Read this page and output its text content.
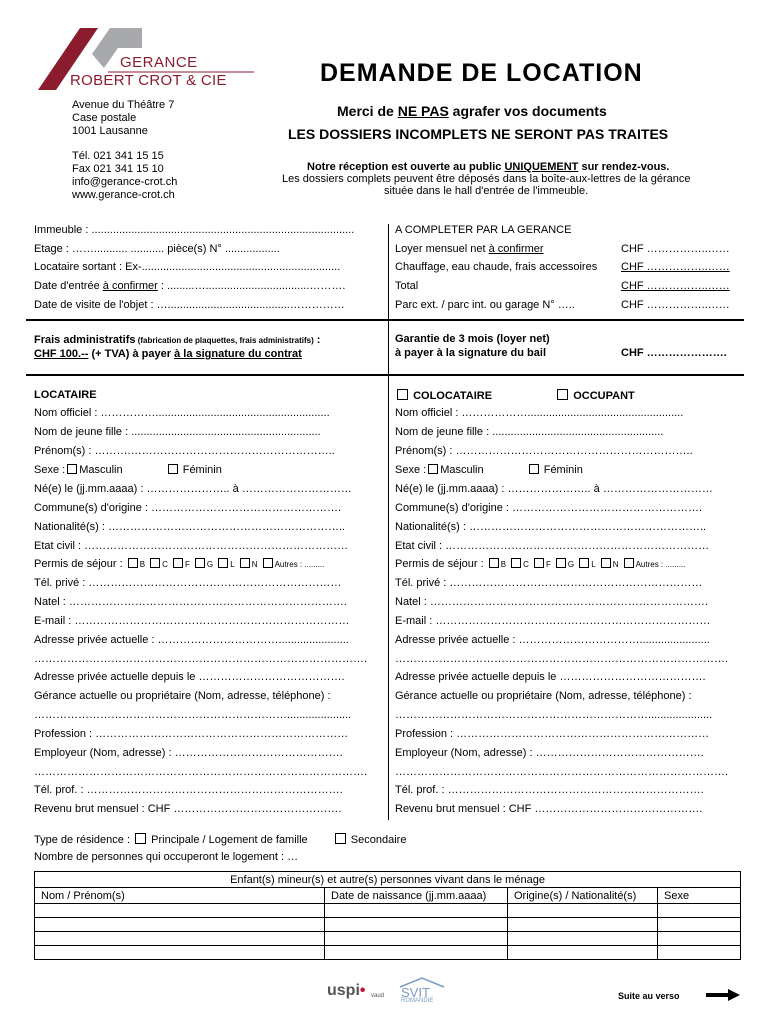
GERANCE
ROBERT CROT & CIE
Avenue du Théâtre 7
Case postale
1001 Lausanne
Tél. 021 341 15 15
Fax 021 341 15 10
info@gerance-crot.ch
www.gerance-crot.ch
DEMANDE DE LOCATION
Merci de NE PAS agrafer vos documents
LES DOSSIERS INCOMPLETS NE SERONT PAS TRAITES
Notre réception est ouverte au public UNIQUEMENT sur rendez-vous.
Les dossiers complets peuvent être déposés dans la boîte-aux-lettres de la gérance
située dans le hall d'entrée de l'immeuble.
Immeuble : ......................................................................................
Etage : ……........... ........... pièce(s) N° ..................
Locataire sortant : Ex-.................................................................
Date d'entrée à confirmer : .........…..................................……….
Date de visite de l'objet : …........................................……………
A COMPLETER PAR LA GERANCE
Loyer mensuel net à confirmer	CHF ……………..……
Chauffage, eau chaude, frais accessoires CHF ……………..……
Total	CHF ……………..……
Parc ext. / parc int. ou garage N° …..	CHF ……………..……
Frais administratifs (fabrication de plaquettes, frais administratifs) :
CHF 100.-- (+ TVA) à payer à la signature du contrat
Garantie de 3 mois (loyer net)
à payer à la signature du bail	CHF ………………….
LOCATAIRE
Nom officiel : …………….........................................................
Nom de jeune fille : ..............................................................
Prénom(s) : ……….………………………………………………..
Sexe : Masculin	Féminin
Né(e) le (jj.mm.aaaa) : ………………….. à …………………………
Commune(s) d'origine : …………………………………………….
Nationalité(s) : ………………………………………………………..
Etat civil : ………………………………………………………………
Permis de séjour : B C F G L N Autres : .........
Tél. privé : ……………………………………………………………
Natel : ………………………………………………………………….
E-mail : …………………………………………………………………
Adresse privée actuelle : …………………………….......................
……………………………………………………………………………….
Adresse privée actuelle depuis le ………………………………….
Gérance actuelle ou propriétaire (Nom, adresse, téléphone) :
…………………………………………………………….....................
Profession : ……………………………………………………………
Employeur (Nom, adresse) : ……………………………………….
……………………………………………………………………………….
Tél. prof. : …………………………………………………………….
Revenu brut mensuel : CHF ……………………………………….
COLOCATAIRE	OCCUPANT
Nom officiel : ………………...................................................
Nom de jeune fille : ........................................................
Prénom(s) : ………………………………………………………..
Sexe : Masculin	Féminin
Né(e) le (jj.mm.aaaa) : ………………….. à …………………………
Commune(s) d'origine : …………………………………………….
Nationalité(s) : ………………………………………………………..
Etat civil : ………………………………………………………………
Permis de séjour : B C F G L N Autres : .........
Tél. privé : ……………………………………………………………
Natel : ………………………………………………………………….
E-mail : …………………………………………………………………
Adresse privée actuelle : …………………………….......................
……………………………………………………………………………….
Adresse privée actuelle depuis le ………………………………….
Gérance actuelle ou propriétaire (Nom, adresse, téléphone) :
…………………………………………………………….....................
Profession : ……………………………………………………………
Employeur (Nom, adresse) : ……………………………………….
……………………………………………………………………………….
Tél. prof. : …………………………………………………………….
Revenu brut mensuel : CHF ……………………………………….
Type de résidence : Principale / Logement de famille	Secondaire
Nombre de personnes qui occuperont le logement : …
Enfant(s) mineur(s) et autre(s) personnes vivant dans le ménage			
Nom / Prénom(s)	Date de naissance (jj.mm.aaaa)	Origine(s) / Nationalité(s)	Sexe

uspi• vaud SVIT
ROMANDIE	Suite au verso
